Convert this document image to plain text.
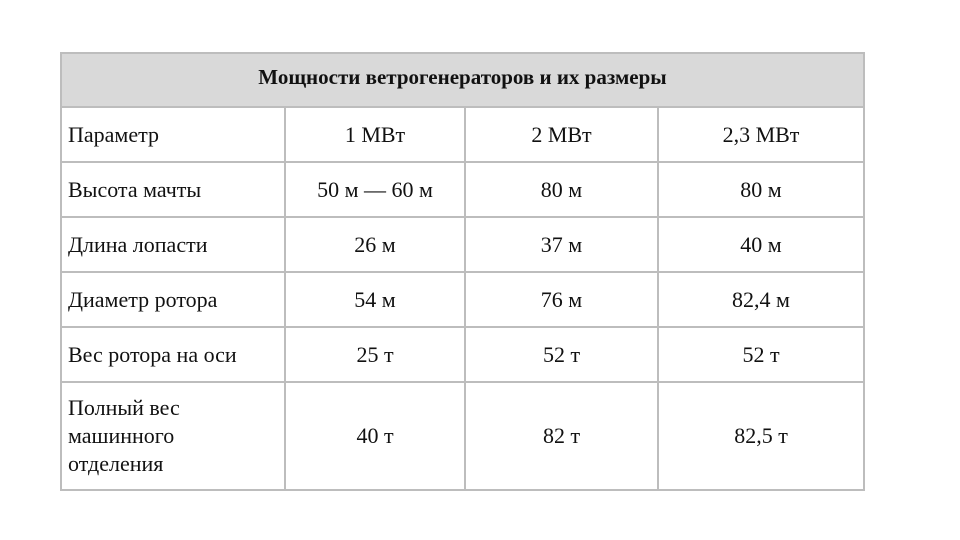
Мощности ветрогенераторов и их размеры
Параметр	1 МВт	2 МВт	2,3 МВт
Высота мачты	50 м — 60 м	80 м	80 м
Длина лопасти	26 м	37 м	40 м
Диаметр ротора	54 м	76 м	82,4 м
Вес ротора на оси	25 т	52 т	52 т

Полный вес
машинного
отделения	40 т	82 т	82,5 т
